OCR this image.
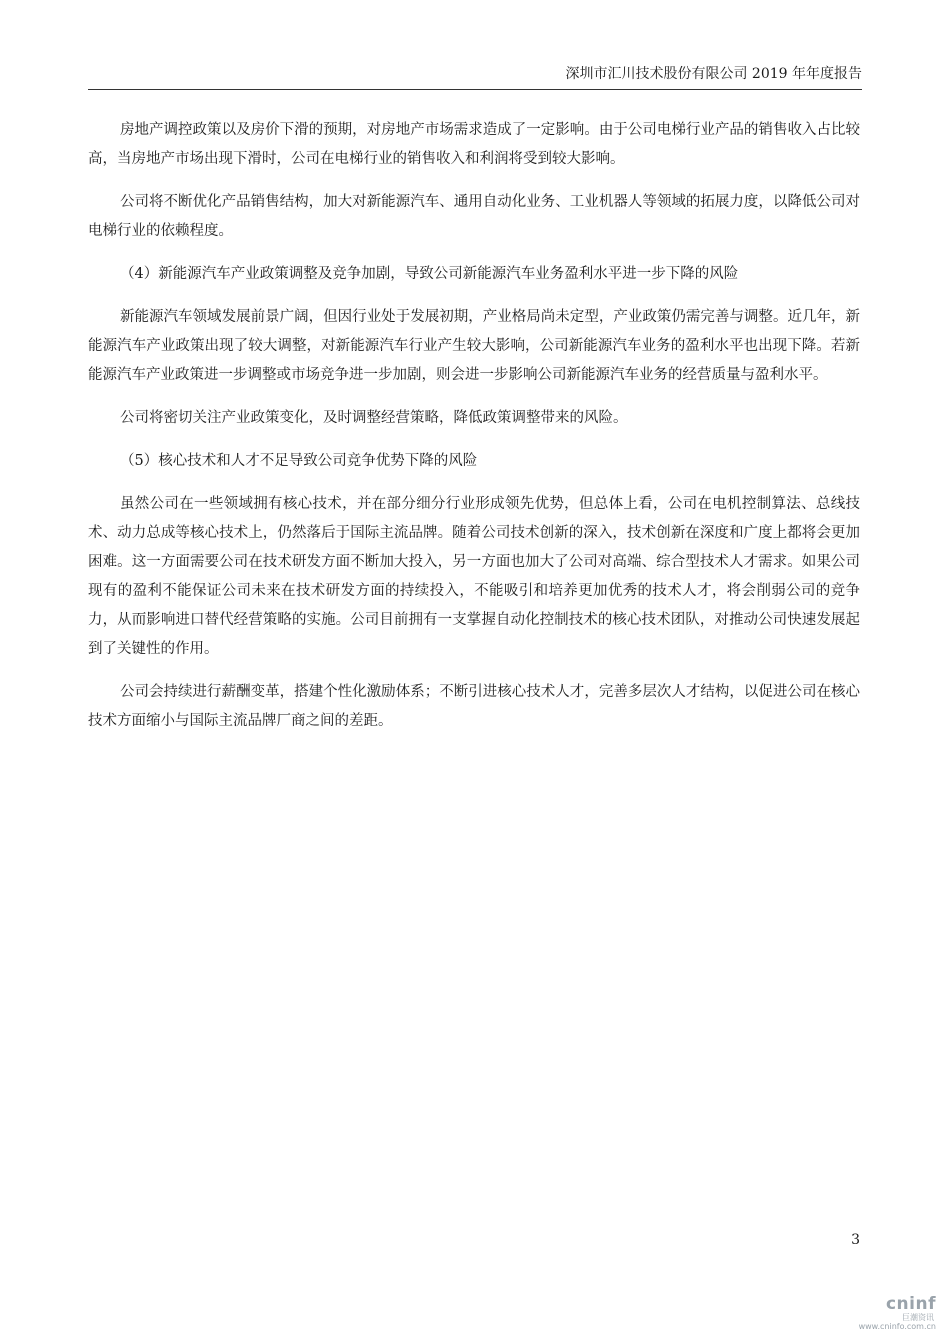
深圳市汇川技术股份有限公司 2019 年年度报告

房地产调控政策以及房价下滑的预期，对房地产市场需求造成了一定影响。由于公司电梯行业产品的销售收入占比较高，当房地产市场出现下滑时，公司在电梯行业的销售收入和利润将受到较大影响。

公司将不断优化产品销售结构，加大对新能源汽车、通用自动化业务、工业机器人等领域的拓展力度，以降低公司对电梯行业的依赖程度。

（4）新能源汽车产业政策调整及竞争加剧，导致公司新能源汽车业务盈利水平进一步下降的风险

新能源汽车领域发展前景广阔，但因行业处于发展初期，产业格局尚未定型，产业政策仍需完善与调整。近几年，新能源汽车产业政策出现了较大调整，对新能源汽车行业产生较大影响，公司新能源汽车业务的盈利水平也出现下降。若新能源汽车产业政策进一步调整或市场竞争进一步加剧，则会进一步影响公司新能源汽车业务的经营质量与盈利水平。

公司将密切关注产业政策变化，及时调整经营策略，降低政策调整带来的风险。

（5）核心技术和人才不足导致公司竞争优势下降的风险

虽然公司在一些领域拥有核心技术，并在部分细分行业形成领先优势，但总体上看，公司在电机控制算法、总线技术、动力总成等核心技术上，仍然落后于国际主流品牌。随着公司技术创新的深入，技术创新在深度和广度上都将会更加困难。这一方面需要公司在技术研发方面不断加大投入，另一方面也加大了公司对高端、综合型技术人才需求。如果公司现有的盈利不能保证公司未来在技术研发方面的持续投入，不能吸引和培养更加优秀的技术人才，将会削弱公司的竞争力，从而影响进口替代经营策略的实施。公司目前拥有一支掌握自动化控制技术的核心技术团队，对推动公司快速发展起到了关键性的作用。

公司会持续进行薪酬变革，搭建个性化激励体系；不断引进核心技术人才，完善多层次人才结构，以促进公司在核心技术方面缩小与国际主流品牌厂商之间的差距。

3
cninf
巨潮资讯
www.cninfo.com.cn
